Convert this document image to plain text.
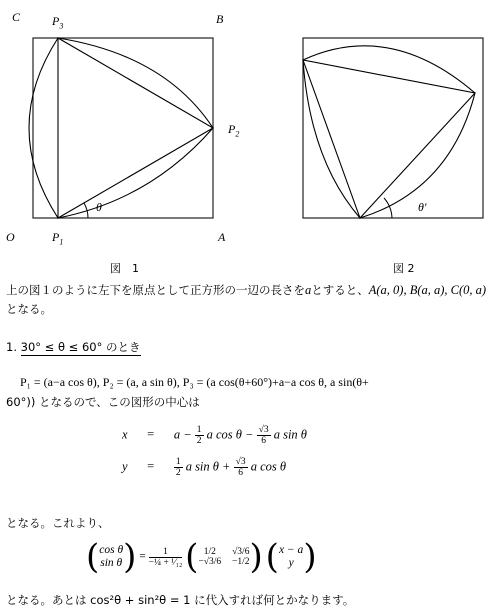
C	B
O	A
$P_3$
$P_2$
$P_1$
θ
図　1
θ′
図 2
上の図１のように左下を原点として正方形の一辺の長さをaとすると、A(a, 0), B(a, a), C(0, a)
となる。
1. 30° ≤ θ ≤ 60° のとき
P₁ = (a−a cos θ), P₂ = (a, a sin θ), P₃ = (a cos(θ+60°)+a−a cos θ, a sin(θ+
60°)) となるので、この図形の中心は
$x = a - \frac{1}{2}$ a $\cos \theta - \frac{√3}{6}$ a sin θ
$y = \frac{1}{2}$ a $\sin \theta + \frac{√3}{6}$ a cos θ
となる。これより、
( cos θ
sin θ ) = $\frac{1}{\text{−¼ + ¹⁄₁₂}}$ ( 1/2
−√3/6

√3/6
−1/2 ) ( x − a
y )
となる。あとは cos²θ + sin²θ = 1 に代入すれば何とかなります。
